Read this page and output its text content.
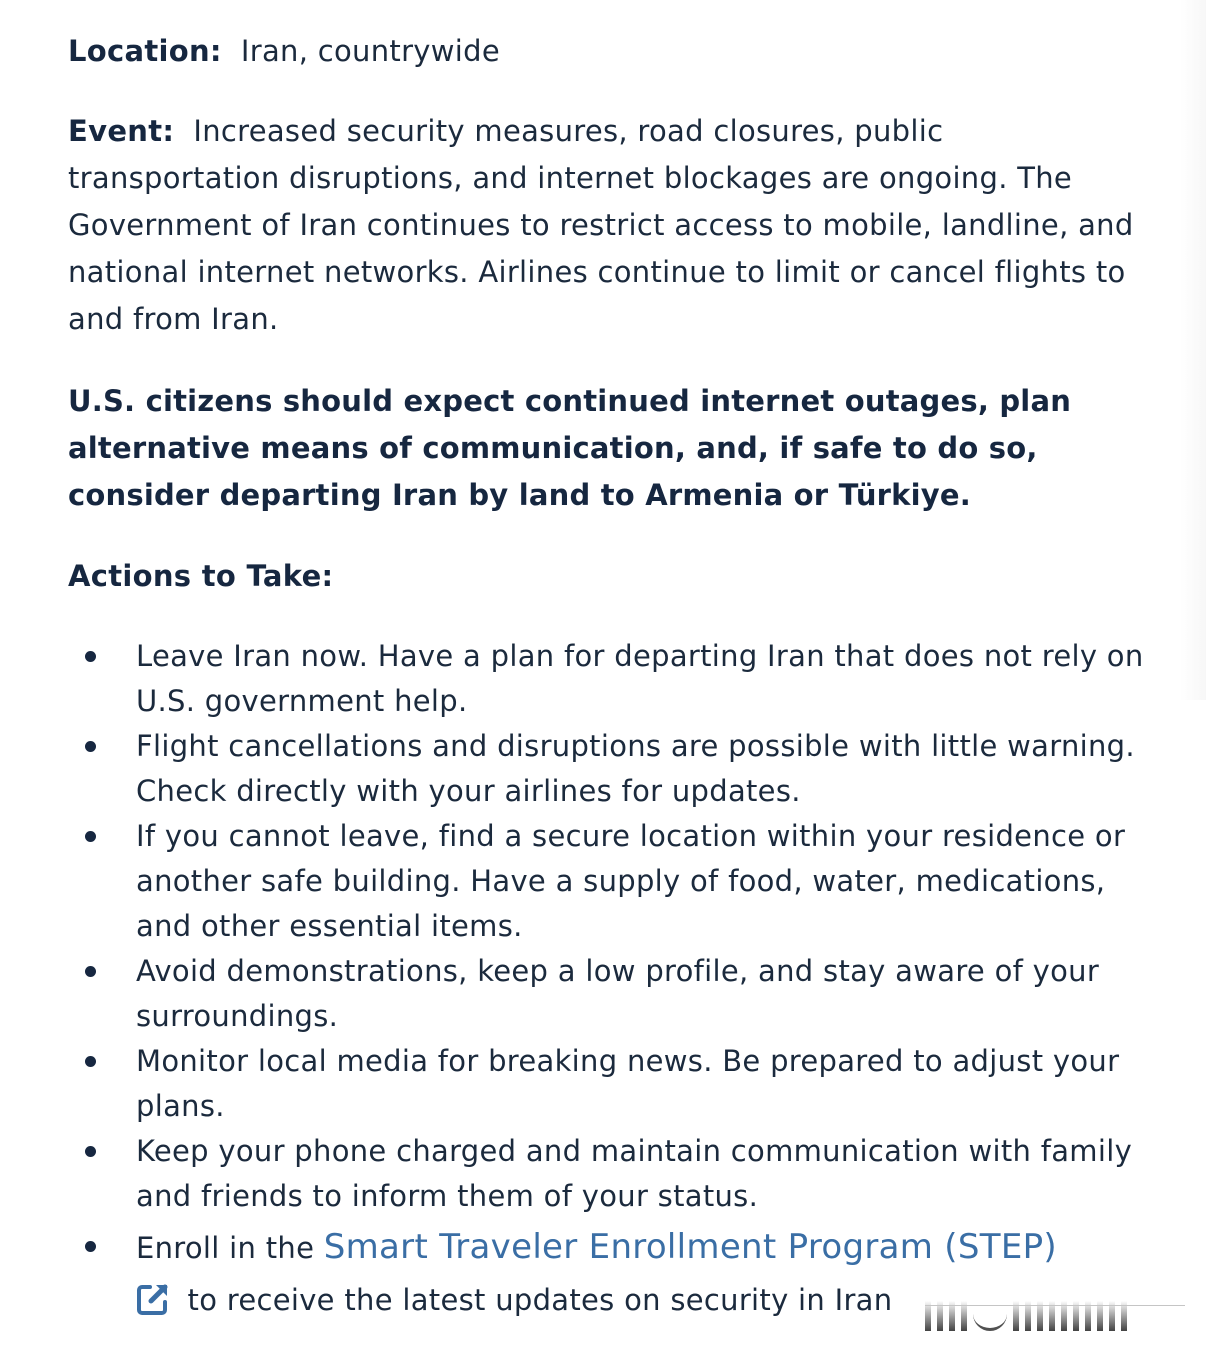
Location: Iran, countrywide

Event: Increased security measures, road closures, public transportation disruptions, and internet blockages are ongoing. The Government of Iran continues to restrict access to mobile, landline, and national internet networks. Airlines continue to limit or cancel flights to and from Iran.

U.S. citizens should expect continued internet outages, plan alternative means of communication, and, if safe to do so, consider departing Iran by land to Armenia or Türkiye.

Actions to Take:

Leave Iran now. Have a plan for departing Iran that does not rely on U.S. government help.
Flight cancellations and disruptions are possible with little warning. Check directly with your airlines for updates.
If you cannot leave, find a secure location within your residence or another safe building. Have a supply of food, water, medications, and other essential items.
Avoid demonstrations, keep a low profile, and stay aware of your surroundings.
Monitor local media for breaking news. Be prepared to adjust your plans.
Keep your phone charged and maintain communication with family and friends to inform them of your status.
Enroll in the Smart Traveler Enrollment Program (STEP)
to receive the latest updates on security in Iran
